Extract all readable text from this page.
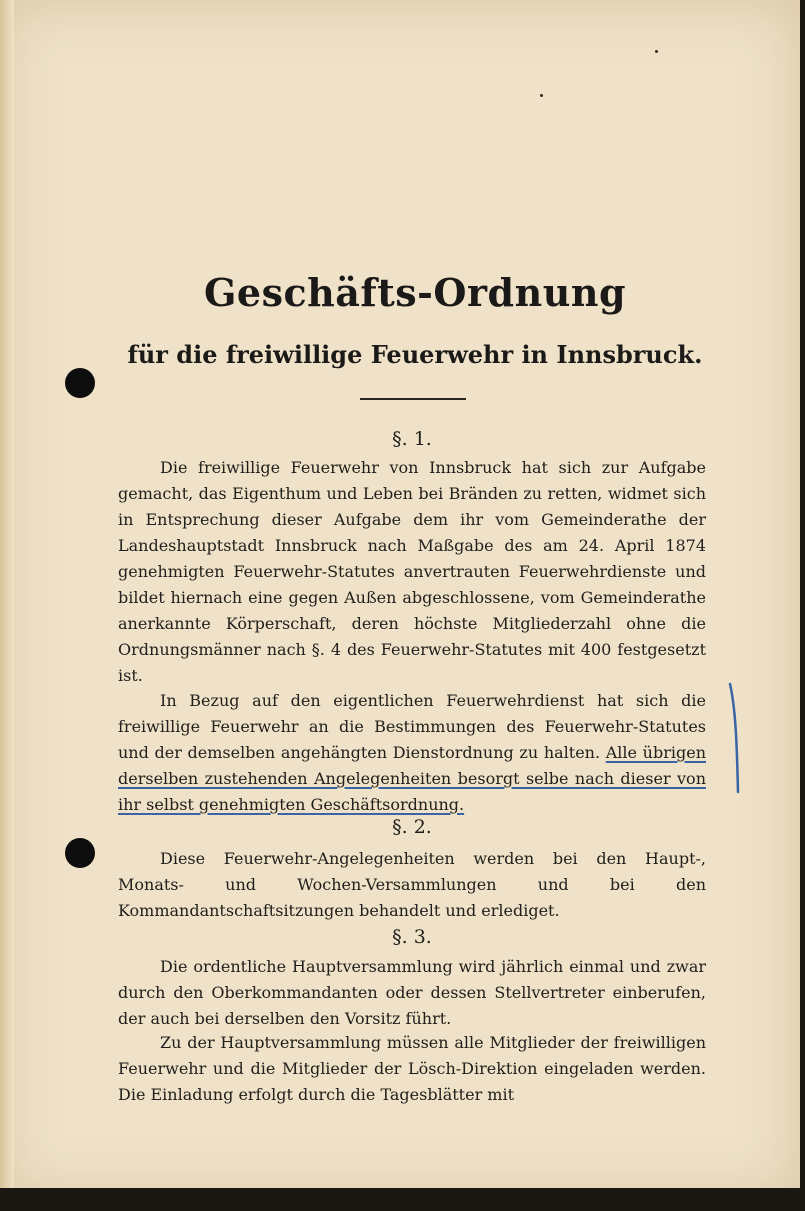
Geschäfts-Ordnung
für die freiwillige Feuerwehr in Innsbruck.
§. 1.

Die freiwillige Feuerwehr von Innsbruck hat sich zur Aufgabe gemacht, das Eigenthum und Leben bei Bränden zu retten, widmet sich in Entsprechung dieser Aufgabe dem ihr vom Gemeinderathe der Landeshauptstadt Innsbruck nach Maßgabe des am 24. April 1874 genehmigten Feuerwehr-Statutes anvertrauten Feuerwehrdienste und bildet hiernach eine gegen Außen abgeschlossene, vom Gemeinderathe anerkannte Körperschaft, deren höchste Mitgliederzahl ohne die Ordnungsmänner nach §. 4 des Feuerwehr-Statutes mit 400 festgesetzt ist.

In Bezug auf den eigentlichen Feuerwehrdienst hat sich die freiwillige Feuerwehr an die Bestimmungen des Feuerwehr-Statutes und der demselben angehängten Dienstordnung zu halten. Alle übrigen derselben zustehenden Angelegenheiten besorgt selbe nach dieser von ihr selbst genehmigten Geschäftsordnung.

§. 2.

Diese Feuerwehr-Angelegenheiten werden bei den Haupt-, Monats- und Wochen-Versammlungen und bei den Kommandantschaftsitzungen behandelt und erlediget.

§. 3.

Die ordentliche Hauptversammlung wird jährlich einmal und zwar durch den Oberkommandanten oder dessen Stellvertreter einberufen, der auch bei derselben den Vorsitz führt.

Zu der Hauptversammlung müssen alle Mitglieder der freiwilligen Feuerwehr und die Mitglieder der Lösch-Direktion eingeladen werden. Die Einladung erfolgt durch die Tagesblätter mit
